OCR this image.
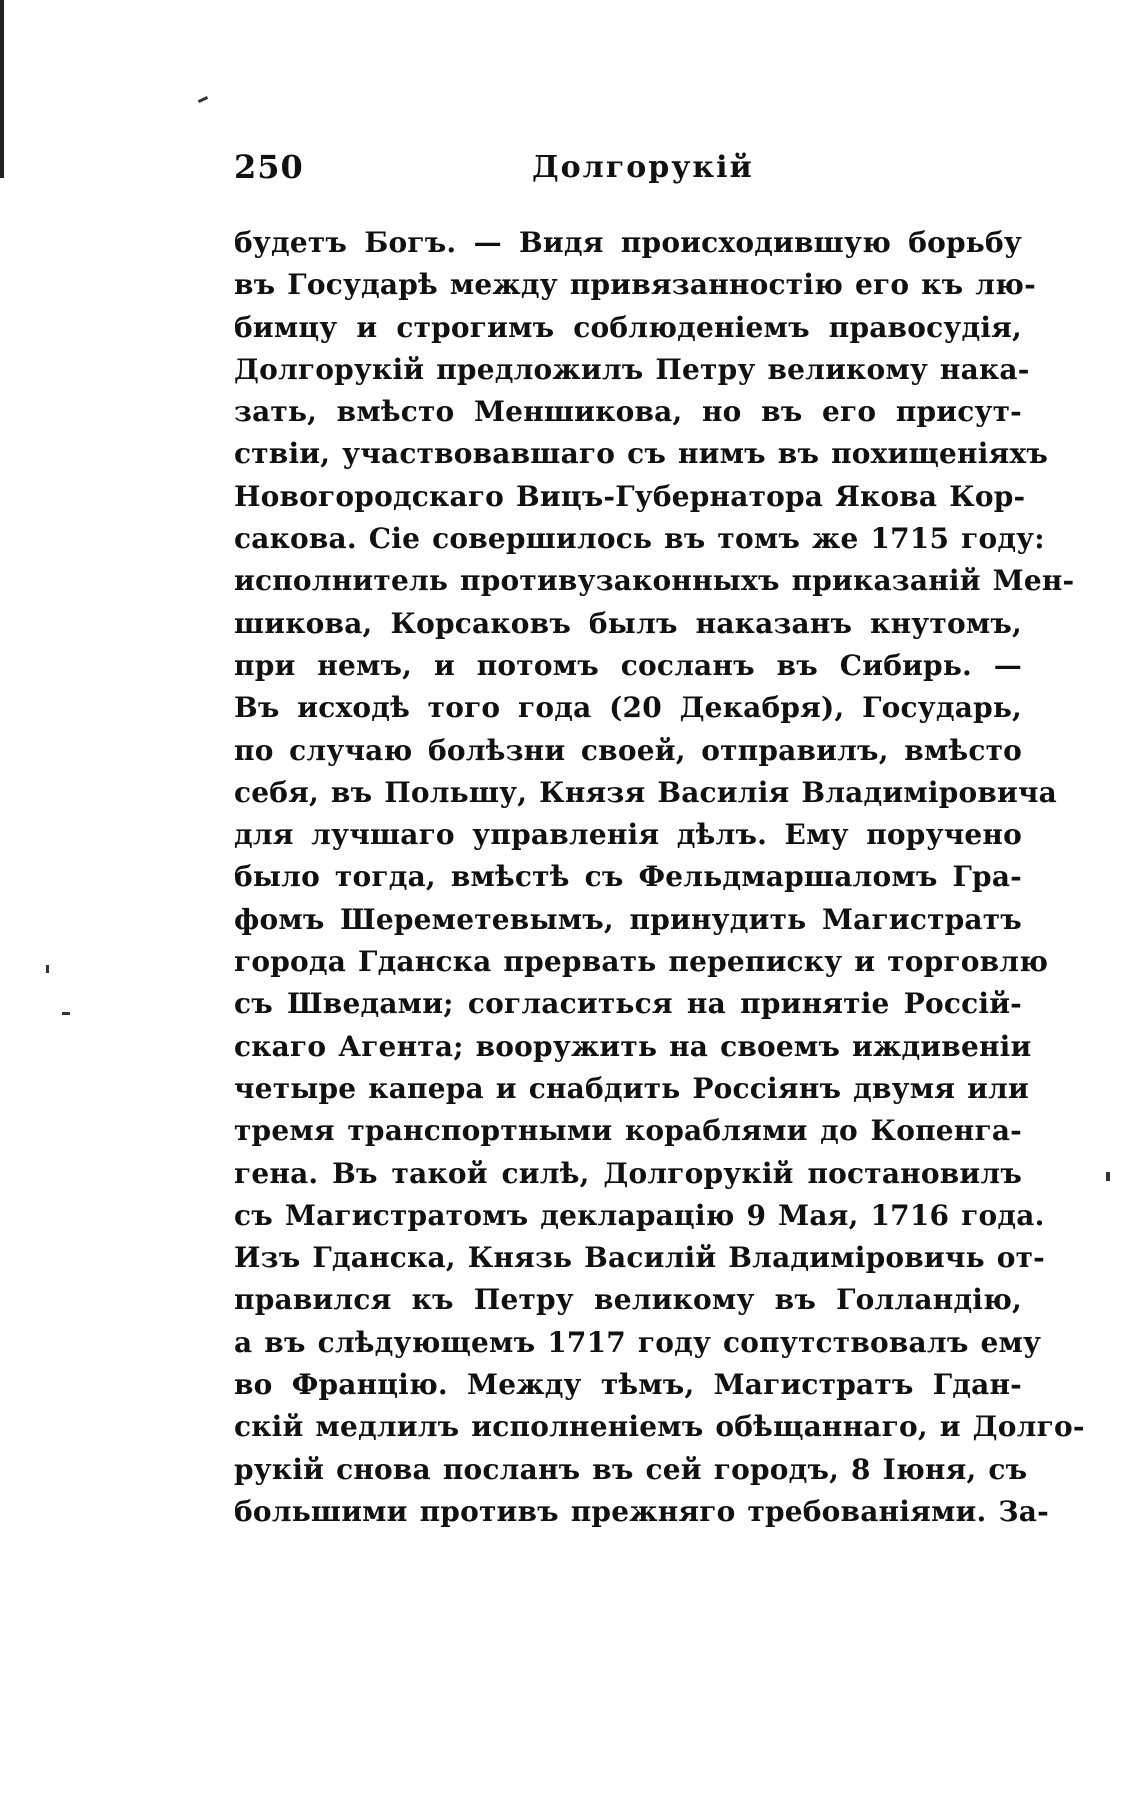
250	Долгорукій
будетъ Богъ. — Видя происходившую борьбу
въ Государѣ между привязанностію его къ лю-
бимцу и строгимъ соблюденіемъ правосудія,
Долгорукій предложилъ Петру великому нака-
зать, вмѣсто Меншикова, но въ его присут-
ствіи, участвовавшаго съ нимъ въ похищеніяхъ
Новогородскаго Вицъ-Губернатора Якова Кор-
сакова. Сіе совершилось въ томъ же 1715 году:
исполнитель противузаконныхъ приказаній Мен-
шикова, Корсаковъ былъ наказанъ кнутомъ,
при немъ, и потомъ сосланъ въ Сибирь. —
Въ исходѣ того года (20 Декабря), Государь,
по случаю болѣзни своей, отправилъ, вмѣсто
себя, въ Польшу, Князя Василія Владиміровича
для лучшаго управленія дѣлъ. Ему поручено
было тогда, вмѣстѣ съ Фельдмаршаломъ Гра-
фомъ Шереметевымъ, принудить Магистратъ
города Гданска прервать переписку и торговлю
съ Шведами; согласиться на принятіе Россій-
скаго Агента; вооружить на своемъ иждивеніи
четыре капера и снабдить Россіянъ двумя или
тремя транспортными кораблями до Копенга-
гена. Въ такой силѣ, Долгорукій постановилъ
съ Магистратомъ декларацію 9 Мая, 1716 года.
Изъ Гданска, Князь Василій Владиміровичь от-
правился къ Петру великому въ Голландію,
а въ слѣдующемъ 1717 году сопутствовалъ ему
во Францію. Между тѣмъ, Магистратъ Гдан-
скій медлилъ исполненіемъ обѣщаннаго, и Долго-
рукій снова посланъ въ сей городъ, 8 Іюня, съ
большими противъ прежняго требованіями. За-
